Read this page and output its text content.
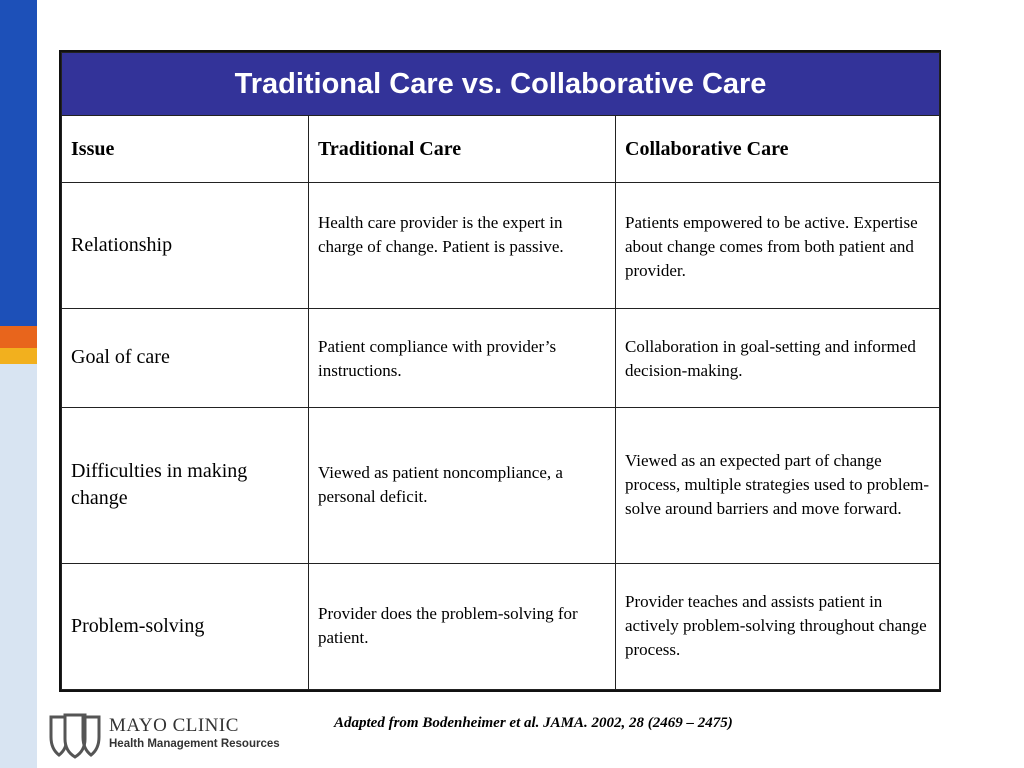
Traditional Care vs. Collaborative Care		
Issue	Traditional Care	Collaborative Care
Relationship	Health care provider is the expert in charge of change. Patient is passive.	Patients empowered to be active. Expertise about change comes from both patient and provider.
Goal of care	Patient compliance with provider’s instructions.	Collaboration in goal-setting and informed decision-making.
Difficulties in making change	Viewed as patient noncompliance, a personal deficit.	Viewed as an expected part of change process, multiple strategies used to problem-solve around barriers and move forward.
Problem-solving	Provider does the problem-solving for patient.	Provider teaches and assists patient in actively problem-solving throughout change process.
MAYO CLINIC
Health Management Resources
Adapted from Bodenheimer et al. JAMA. 2002, 28 (2469 – 2475)
